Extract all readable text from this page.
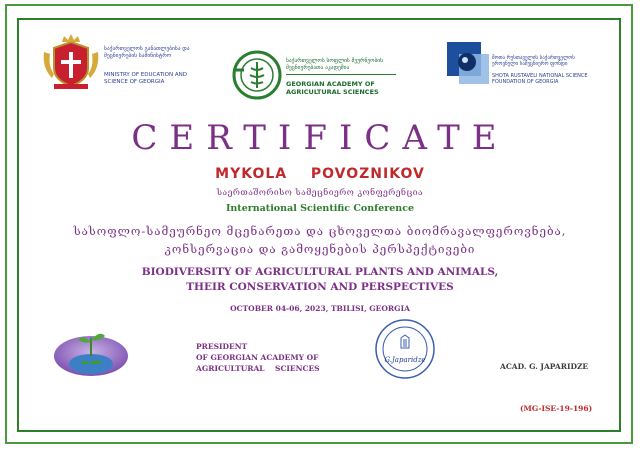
საქართველოს განათლებისა და მეცნიერების სამინისტრო
MINISTRY OF EDUCATION AND
SCIENCE OF GEORGIA
საქართველოს სოფლის მეურნეობის მეცნიერებათა აკადემია
GEORGIAN ACADEMY OF
AGRICULTURAL SCIENCES
შოთა რუსთაველის საქართველოს ეროვნული სამეცნიერო ფონდი
SHOTA RUSTAVELI NATIONAL SCIENCE
FOUNDATION OF GEORGIA
CERTIFICATE
MYKOLA  POVOZNIKOV
საერთაშორისო სამეცნიერო კონფერენცია
International Scientific Conference
სასოფლო-სამეურნეო მცენარეთა და ცხოველთა ბიომრავალფეროვნება,
კონსერვაცია და გამოყენების პერსპექტივები
BIODIVERSITY OF AGRICULTURAL PLANTS AND ANIMALS,
THEIR CONSERVATION AND PERSPECTIVES
OCTOBER 04-06, 2023, TBILISI, GEORGIA
PRESIDENT
OF GEORGIAN ACADEMY OF
AGRICULTURAL    SCIENCES
G.Japaridze
ACAD. G. JAPARIDZE
(MG-ISE-19-196)
